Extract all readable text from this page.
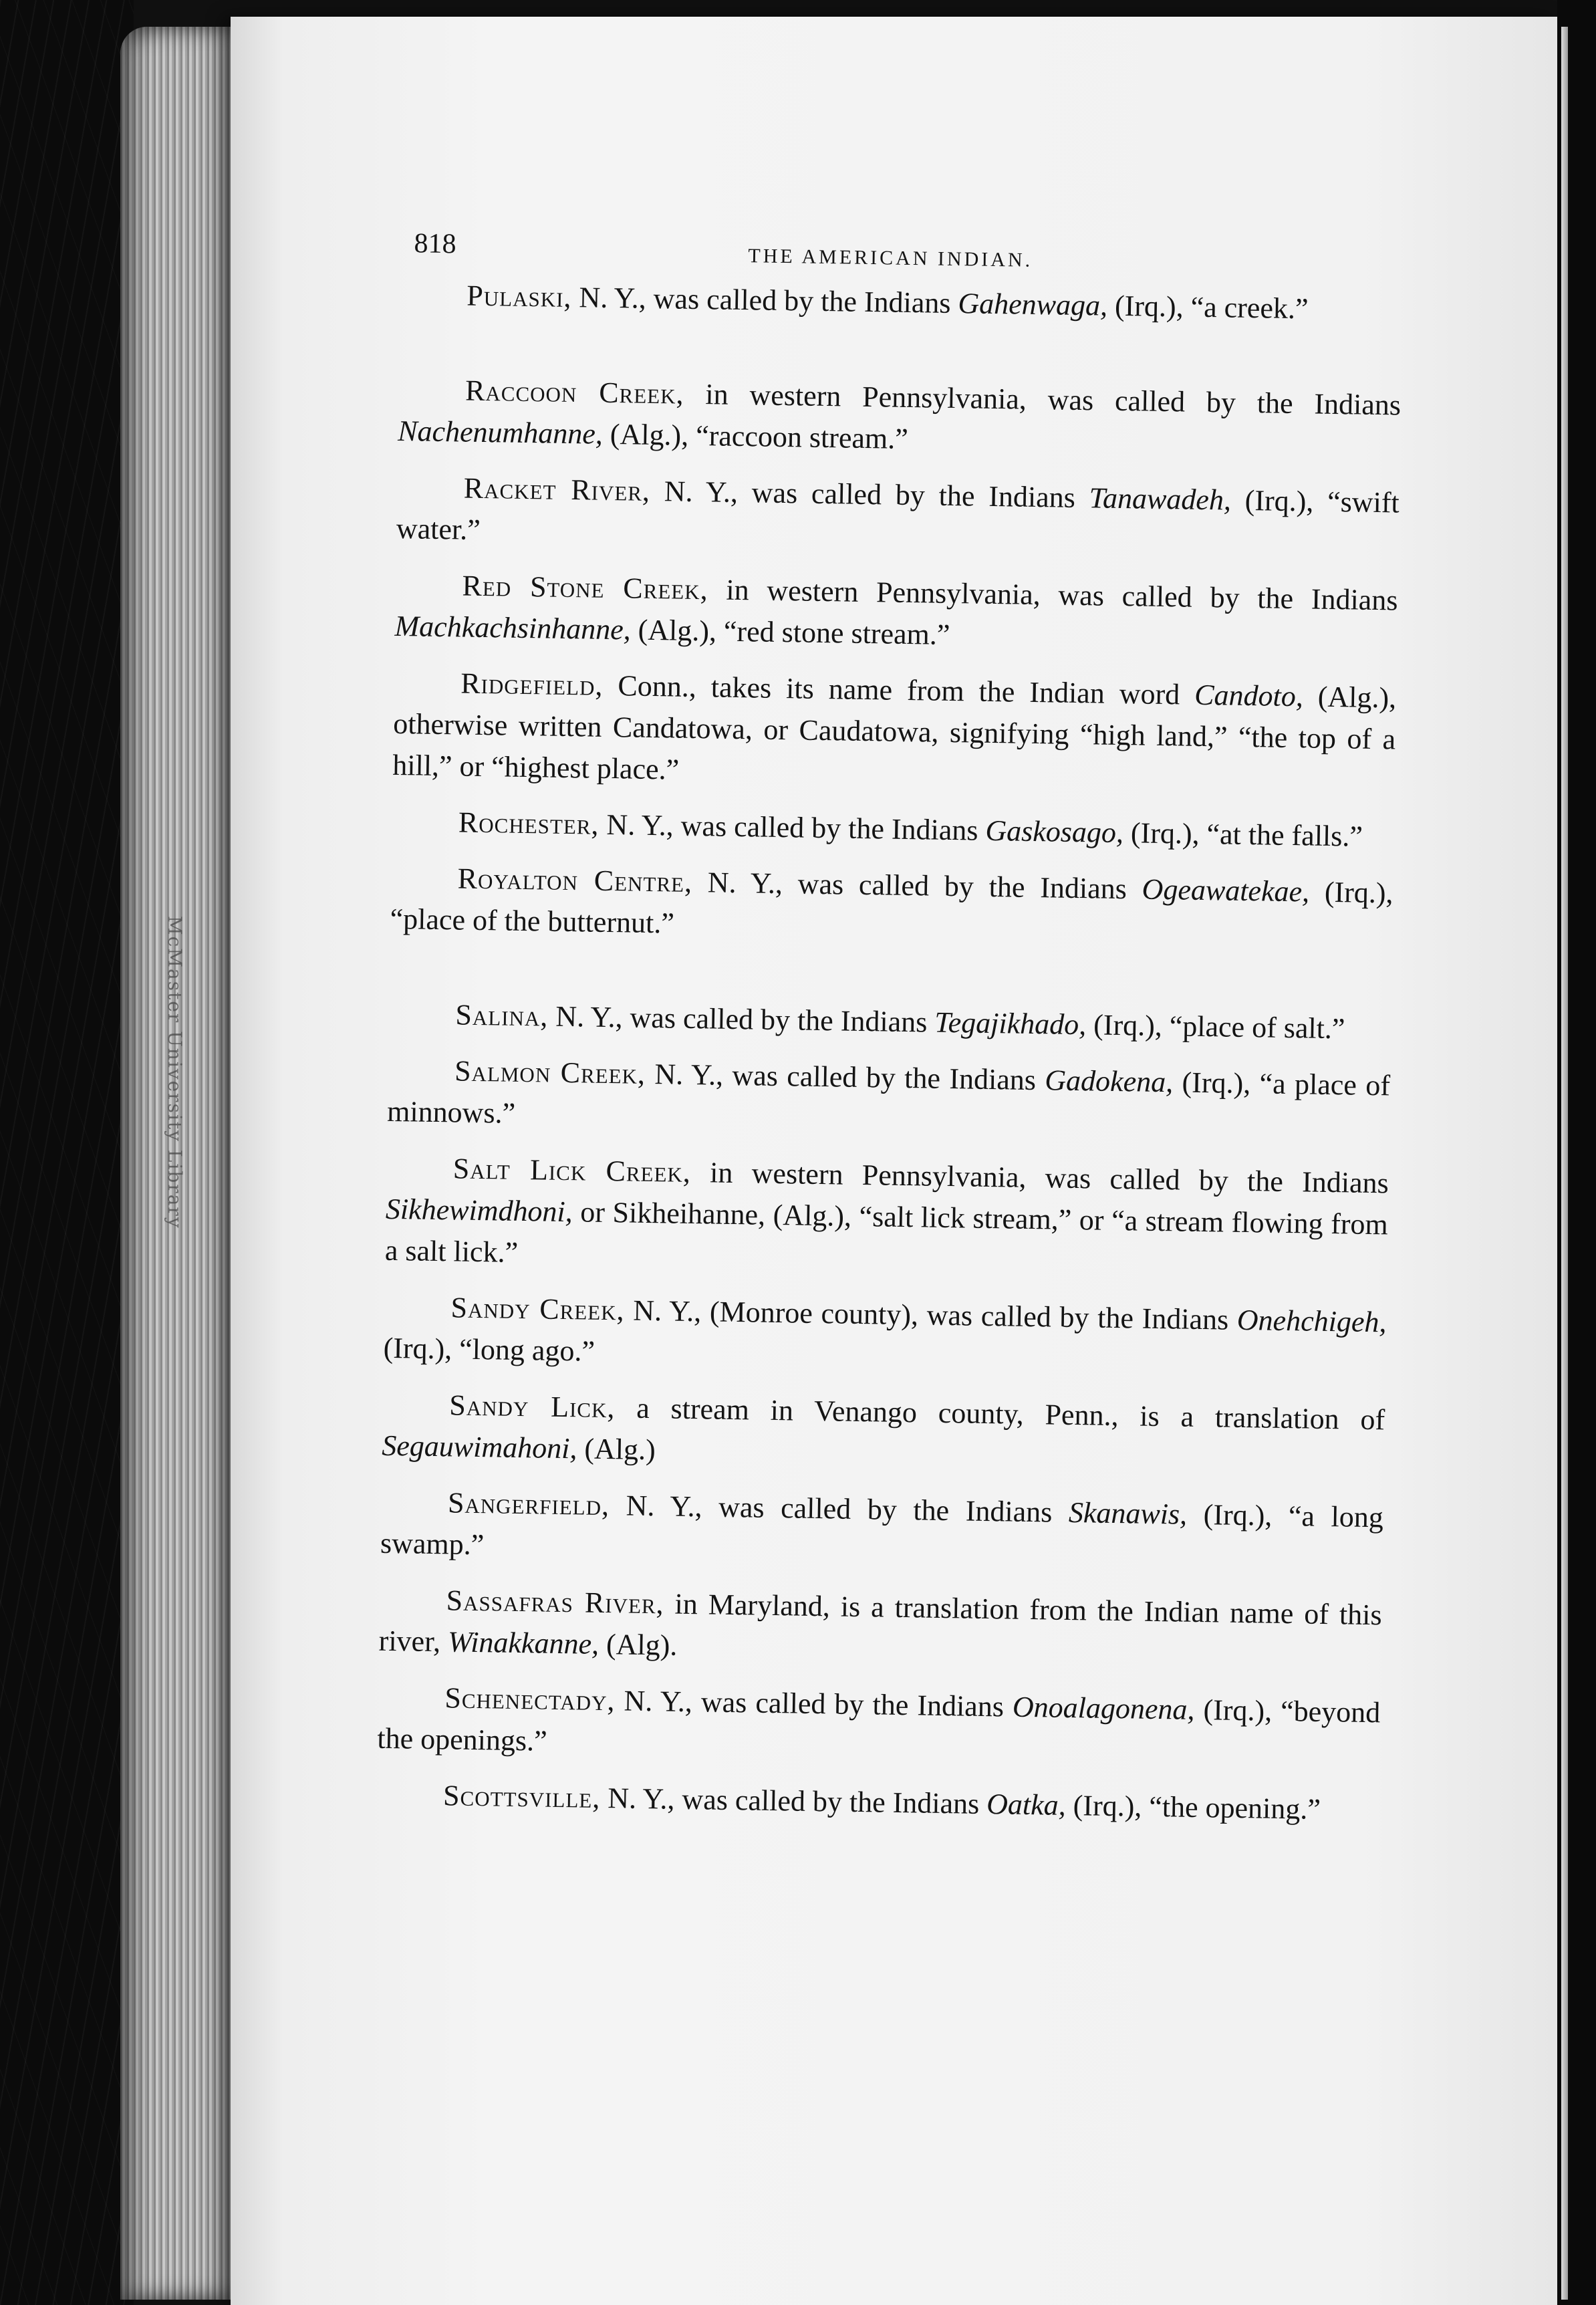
McMaster University Library
818	THE AMERICAN INDIAN.

Pulaski, N. Y., was called by the Indians Gahenwaga, (Irq.), “a creek.”

Raccoon Creek, in western Pennsylvania, was called by the Indians Nachenumhanne, (Alg.), “raccoon stream.”

Racket River, N. Y., was called by the Indians Tanawadeh, (Irq.), “swift water.”

Red Stone Creek, in western Pennsylvania, was called by the Indians Machkachsinhanne, (Alg.), “red stone stream.”

Ridgefield, Conn., takes its name from the Indian word Candoto, (Alg.), otherwise written Candatowa, or Caudatowa, signifying “high land,” “the top of a hill,” or “highest place.”

Rochester, N. Y., was called by the Indians Gaskosago, (Irq.), “at the falls.”

Royalton Centre, N. Y., was called by the Indians Ogeawatekae, (Irq.), “place of the butternut.”

Salina, N. Y., was called by the Indians Tegajikhado, (Irq.), “place of salt.”

Salmon Creek, N. Y., was called by the Indians Gadokena, (Irq.), “a place of minnows.”

Salt Lick Creek, in western Pennsylvania, was called by the Indians Sikhewimdhoni, or Sikheihanne, (Alg.), “salt lick stream,” or “a stream flowing from a salt lick.”

Sandy Creek, N. Y., (Monroe county), was called by the Indians Onehchigeh, (Irq.), “long ago.”

Sandy Lick, a stream in Venango county, Penn., is a translation of Segauwimahoni, (Alg.)

Sangerfield, N. Y., was called by the Indians Skanawis, (Irq.), “a long swamp.”

Sassafras River, in Maryland, is a translation from the Indian name of this river, Winakkanne, (Alg).

Schenectady, N. Y., was called by the Indians Onoalagonena, (Irq.), “beyond the openings.”

Scottsville, N. Y., was called by the Indians Oatka, (Irq.), “the opening.”
